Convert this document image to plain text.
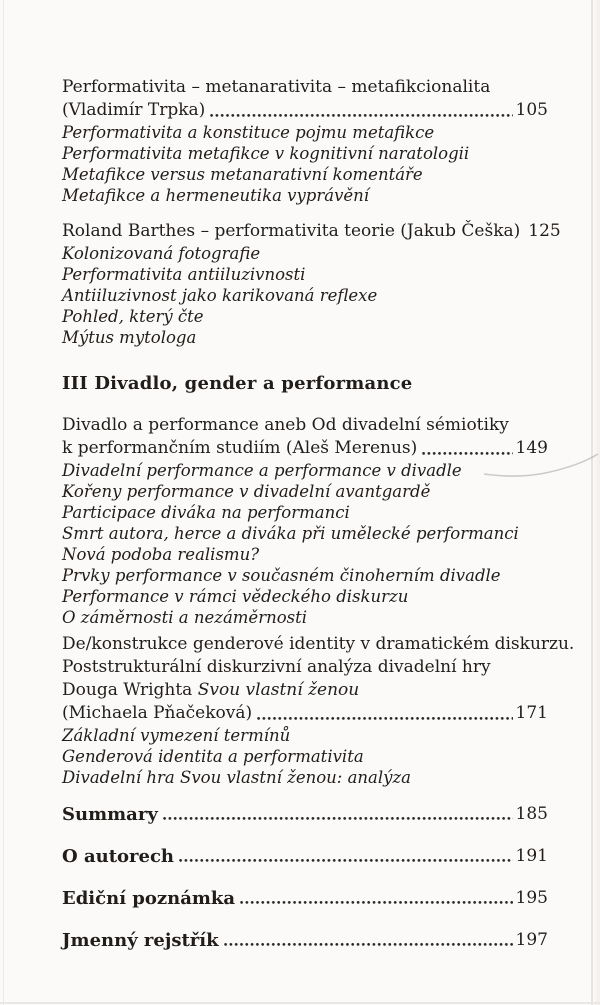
Performativita – metanarativita – metafikcionalita
(Vladimír Trpka)	105
Performativita a konstituce pojmu metafikce
Performativita metafikce v kognitivní naratologii
Metafikce versus metanarativní komentáře
Metafikce a hermeneutika vyprávění
Roland Barthes – performativita teorie (Jakub Češka) 125
Kolonizovaná fotografie
Performativita antiiluzivnosti
Antiiluzivnost jako karikovaná reflexe
Pohled, který čte
Mýtus mytologa
III Divadlo, gender a performance
Divadlo a performance aneb Od divadelní sémiotiky
k performančním studiím (Aleš Merenus)	149
Divadelní performance a performance v divadle
Kořeny performance v divadelní avantgardě
Participace diváka na performanci
Smrt autora, herce a diváka při umělecké performanci
Nová podoba realismu?
Prvky performance v současném činoherním divadle
Performance v rámci vědeckého diskurzu
O záměrnosti a nezáměrnosti
De/konstrukce genderové identity v dramatickém diskurzu.
Poststrukturální diskurzivní analýza divadelní hry
Douga Wrighta Svou vlastní ženou
(Michaela Pňačeková)	171
Základní vymezení termínů
Genderová identita a performativita
Divadelní hra Svou vlastní ženou: analýza
Summary	185
O autorech	191
Ediční poznámka	195
Jmenný rejstřík	197
